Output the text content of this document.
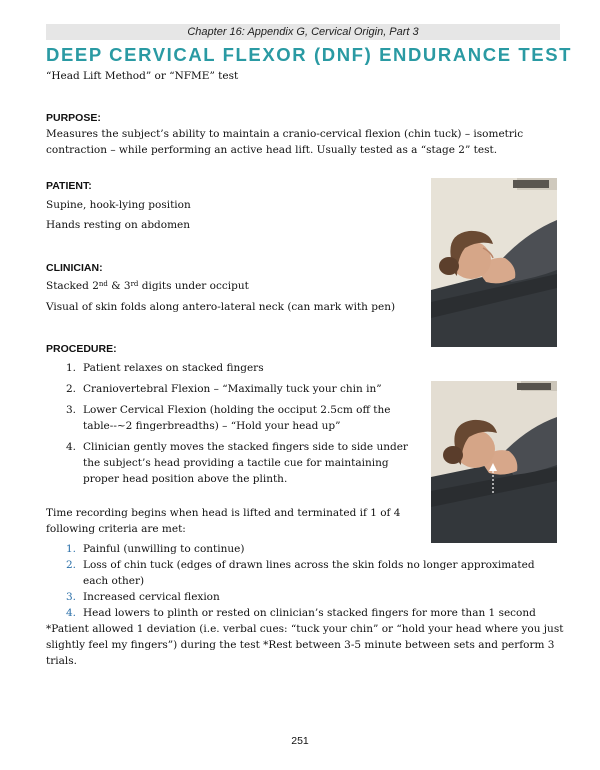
Chapter 16: Appendix G, Cervical Origin, Part 3
DEEP CERVICAL FLEXOR (DNF) ENDURANCE TEST
“Head Lift Method” or “NFME” test
PURPOSE:
Measures the subject’s ability to maintain a cranio-cervical flexion (chin tuck) – isometric
contraction – while performing an active head lift. Usually tested as a “stage 2” test.
PATIENT:
Supine, hook-lying position
Hands resting on abdomen
CLINICIAN:
Stacked 2nd & 3rd digits under occiput
Visual of skin folds along antero-lateral neck (can mark with pen)
PROCEDURE:
1. Patient relaxes on stacked fingers
2. Craniovertebral Flexion – “Maximally tuck your chin in”
3. Lower Cervical Flexion (holding the occiput 2.5cm off the table--~2 fingerbreadths) – “Hold your head up”
4. Clinician gently moves the stacked fingers side to side under the subject’s head providing a tactile cue for maintaining proper head position above the plinth.
Time recording begins when head is lifted and terminated if 1 of 4
following criteria are met:
1. Painful (unwilling to continue)
2. Loss of chin tuck (edges of drawn lines across the skin folds no longer approximated each other)
3. Increased cervical flexion
4. Head lowers to plinth or rested on clinician’s stacked fingers for more than 1 second
*Patient allowed 1 deviation (i.e. verbal cues: “tuck your chin” or “hold your head where you just
slightly feel my fingers”) during the test *Rest between 3-5 minute between sets and perform 3
trials.
251
